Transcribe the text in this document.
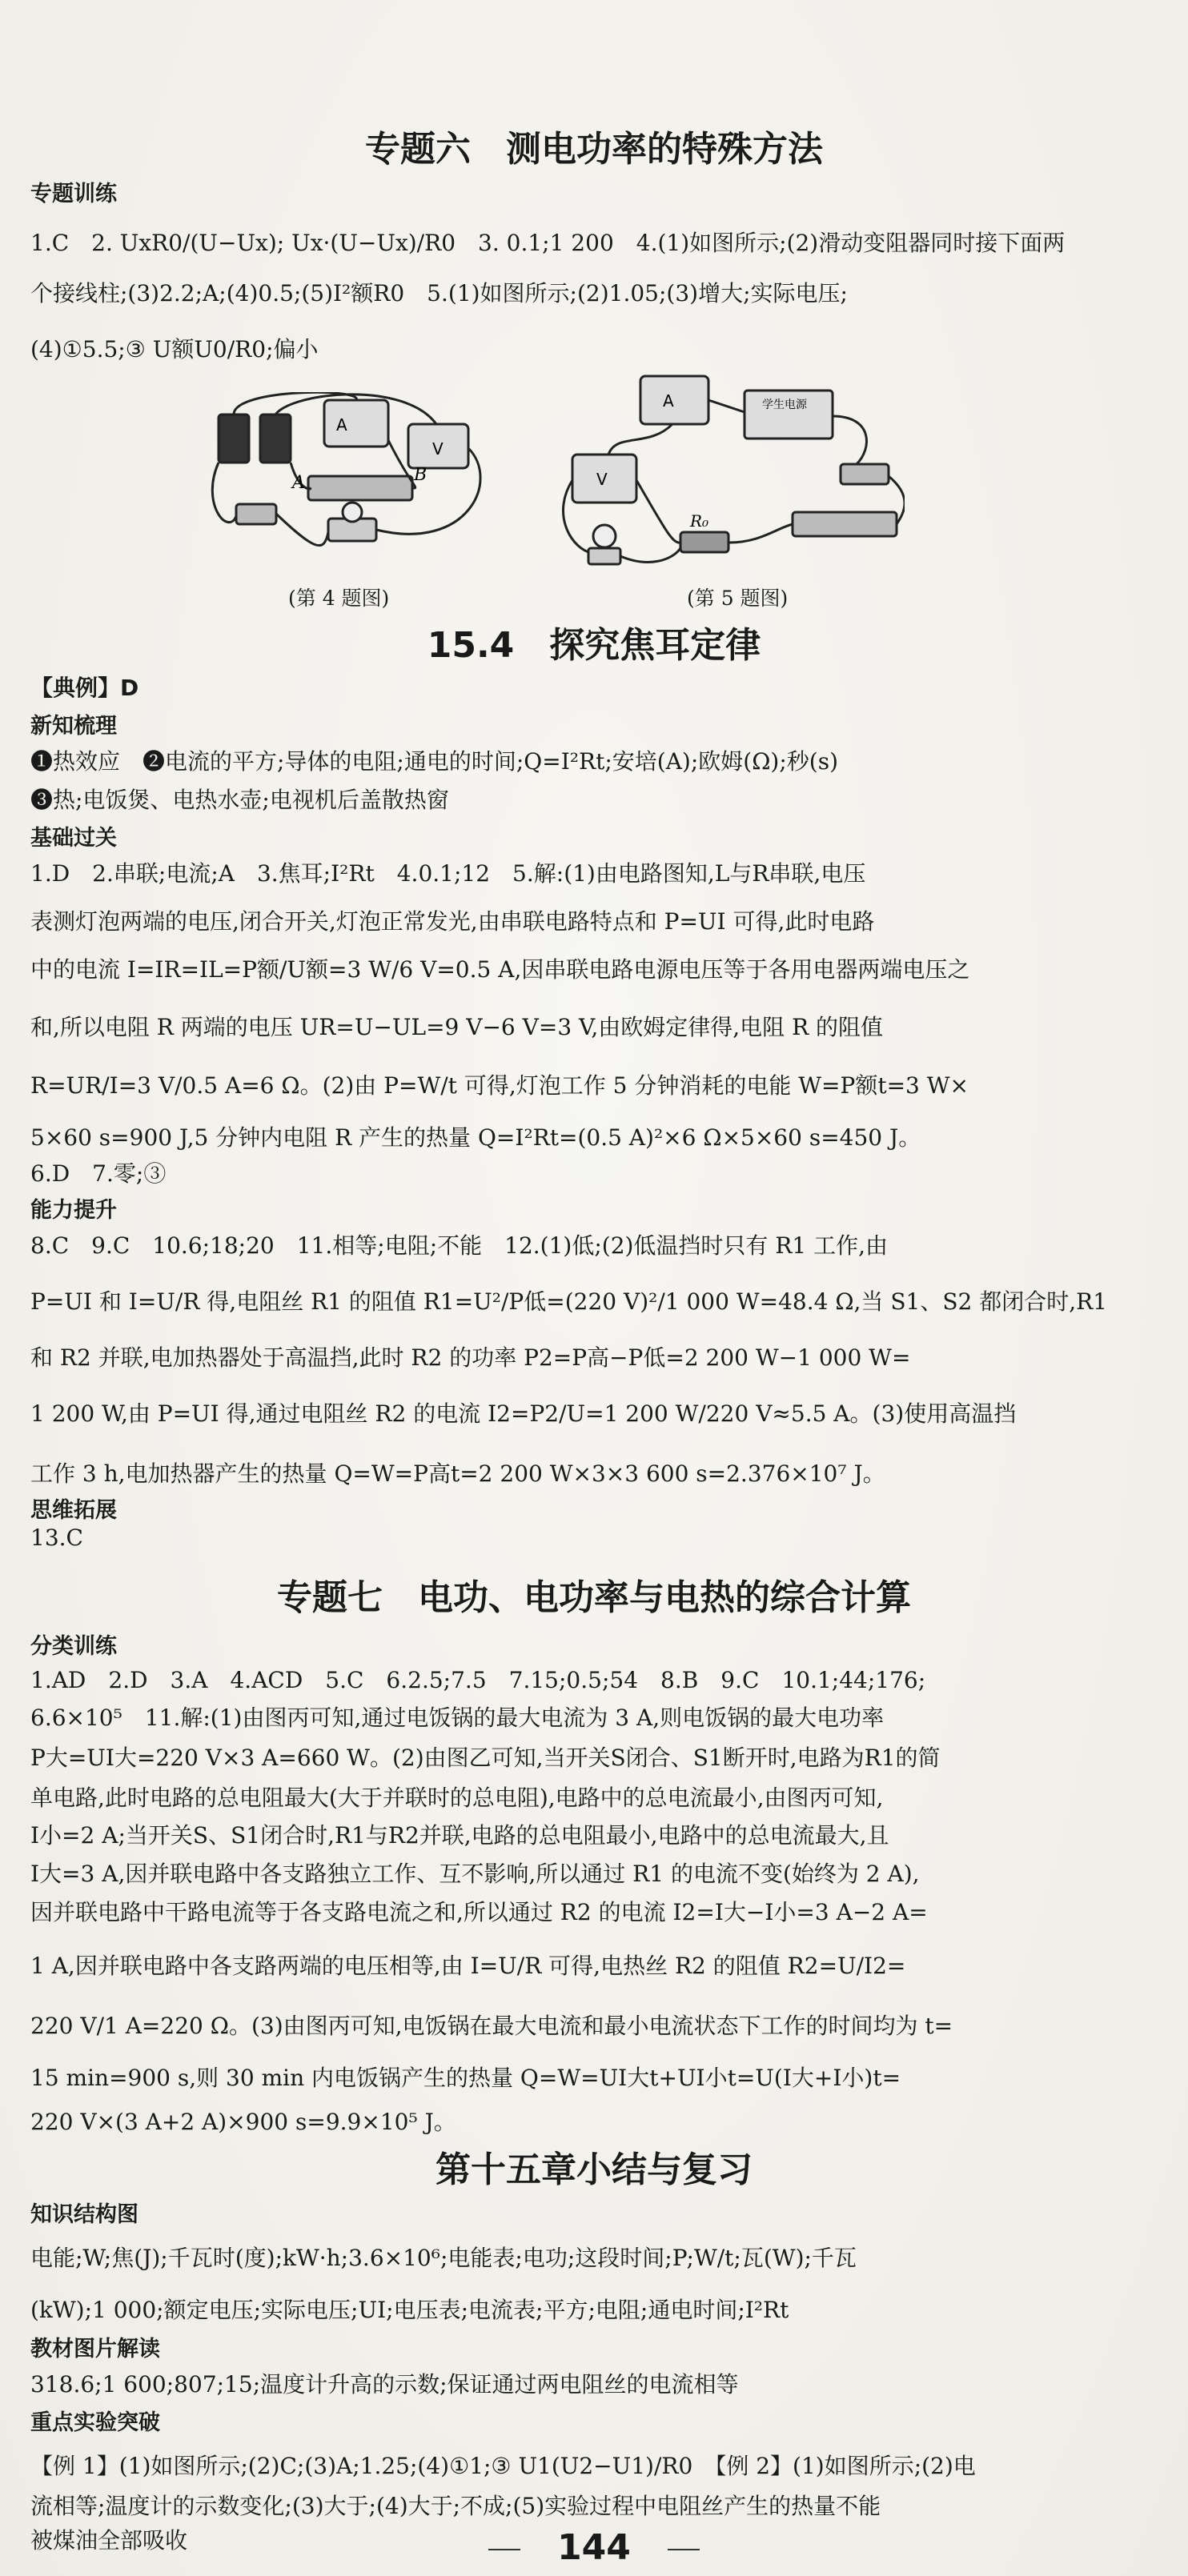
专题六　测电功率的特殊方法
专题训练
1.C　2. UxR0/(U−Ux); Ux·(U−Ux)/R0　3. 0.1;1 200　4.(1)如图所示;(2)滑动变阻器同时接下面两
个接线柱;(3)2.2;A;(4)0.5;(5)I²额R0　5.(1)如图所示;(2)1.05;(3)增大;实际电压;
(4)①5.5;③ U额U0/R0;偏小
A
V
A	B
(第 4 题图)
A
V
学生电源
R₀
(第 5 题图)
15.4　探究焦耳定律
【典例】D
新知梳理
❶热效应　❷电流的平方;导体的电阻;通电的时间;Q=I²Rt;安培(A);欧姆(Ω);秒(s)
❸热;电饭煲、电热水壶;电视机后盖散热窗
基础过关
1.D　2.串联;电流;A　3.焦耳;I²Rt　4.0.1;12　5.解:(1)由电路图知,L与R串联,电压
表测灯泡两端的电压,闭合开关,灯泡正常发光,由串联电路特点和 P=UI 可得,此时电路
中的电流 I=IR=IL=P额/U额=3 W/6 V=0.5 A,因串联电路电源电压等于各用电器两端电压之
和,所以电阻 R 两端的电压 UR=U−UL=9 V−6 V=3 V,由欧姆定律得,电阻 R 的阻值
R=UR/I=3 V/0.5 A=6 Ω。(2)由 P=W/t 可得,灯泡工作 5 分钟消耗的电能 W=P额t=3 W×
5×60 s=900 J,5 分钟内电阻 R 产生的热量 Q=I²Rt=(0.5 A)²×6 Ω×5×60 s=450 J。
6.D　7.零;③
能力提升
8.C　9.C　10.6;18;20　11.相等;电阻;不能　12.(1)低;(2)低温挡时只有 R1 工作,由
P=UI 和 I=U/R 得,电阻丝 R1 的阻值 R1=U²/P低=(220 V)²/1 000 W=48.4 Ω,当 S1、S2 都闭合时,R1
和 R2 并联,电加热器处于高温挡,此时 R2 的功率 P2=P高−P低=2 200 W−1 000 W=
1 200 W,由 P=UI 得,通过电阻丝 R2 的电流 I2=P2/U=1 200 W/220 V≈5.5 A。(3)使用高温挡
工作 3 h,电加热器产生的热量 Q=W=P高t=2 200 W×3×3 600 s=2.376×10⁷ J。
思维拓展
13.C
专题七　电功、电功率与电热的综合计算
分类训练
1.AD　2.D　3.A　4.ACD　5.C　6.2.5;7.5　7.15;0.5;54　8.B　9.C　10.1;44;176;
6.6×10⁵　11.解:(1)由图丙可知,通过电饭锅的最大电流为 3 A,则电饭锅的最大电功率
P大=UI大=220 V×3 A=660 W。(2)由图乙可知,当开关S闭合、S1断开时,电路为R1的简
单电路,此时电路的总电阻最大(大于并联时的总电阻),电路中的总电流最小,由图丙可知,
I小=2 A;当开关S、S1闭合时,R1与R2并联,电路的总电阻最小,电路中的总电流最大,且
I大=3 A,因并联电路中各支路独立工作、互不影响,所以通过 R1 的电流不变(始终为 2 A),
因并联电路中干路电流等于各支路电流之和,所以通过 R2 的电流 I2=I大−I小=3 A−2 A=
1 A,因并联电路中各支路两端的电压相等,由 I=U/R 可得,电热丝 R2 的阻值 R2=U/I2=
220 V/1 A=220 Ω。(3)由图丙可知,电饭锅在最大电流和最小电流状态下工作的时间均为 t=
15 min=900 s,则 30 min 内电饭锅产生的热量 Q=W=UI大t+UI小t=U(I大+I小)t=
220 V×(3 A+2 A)×900 s=9.9×10⁵ J。
第十五章小结与复习
知识结构图
电能;W;焦(J);千瓦时(度);kW·h;3.6×10⁶;电能表;电功;这段时间;P;W/t;瓦(W);千瓦
(kW);1 000;额定电压;实际电压;UI;电压表;电流表;平方;电阻;通电时间;I²Rt
教材图片解读
318.6;1 600;807;15;温度计升高的示数;保证通过两电阻丝的电流相等
重点实验突破
【例 1】(1)如图所示;(2)C;(3)A;1.25;(4)①1;③ U1(U2−U1)/R0　【例 2】(1)如图所示;(2)电
流相等;温度计的示数变化;(3)大于;(4)大于;不成;(5)实验过程中电阻丝产生的热量不能
被煤油全部吸收	144
